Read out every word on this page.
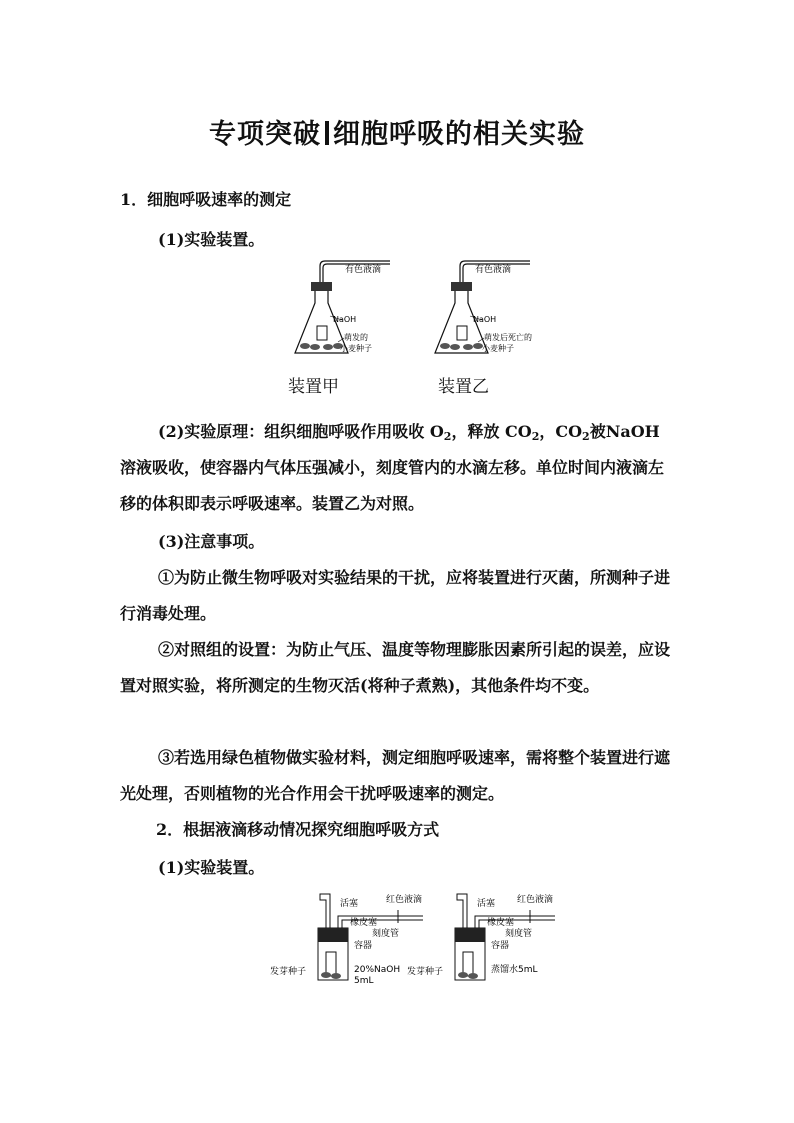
专项突破 细胞呼吸的相关实验
1．细胞呼吸速率的测定
(1)实验装置。
有色液滴
NaOH
萌发的
小麦种子
有色液滴
NaOH
萌发后死亡的
小麦种子
装置甲	装置乙
(2)实验原理：组织细胞呼吸作用吸收 $O_2$，释放 $CO_2$，$CO_2$被NaOH 溶液吸收，使容器内气体压强减小，刻度管内的水滴左移。单位时间内液滴左移的体积即表示呼吸速率。装置乙为对照。
(3)注意事项。
①为防止微生物呼吸对实验结果的干扰，应将装置进行灭菌，所测种子进行消毒处理。
②对照组的设置：为防止气压、温度等物理膨胀因素所引起的误差，应设置对照实验，将所测定的生物灭活(将种子煮熟)，其他条件均不变。
③若选用绿色植物做实验材料，测定细胞呼吸速率，需将整个装置进行遮光处理，否则植物的光合作用会干扰呼吸速率的测定。
2．根据液滴移动情况探究细胞呼吸方式
(1)实验装置。
活塞	红色液滴
橡皮塞
刻度管
容器
发芽种子	20%NaOH
5mL
活塞 红色液滴
橡皮塞
刻度管
容器
发芽种子	蒸馏水5mL
